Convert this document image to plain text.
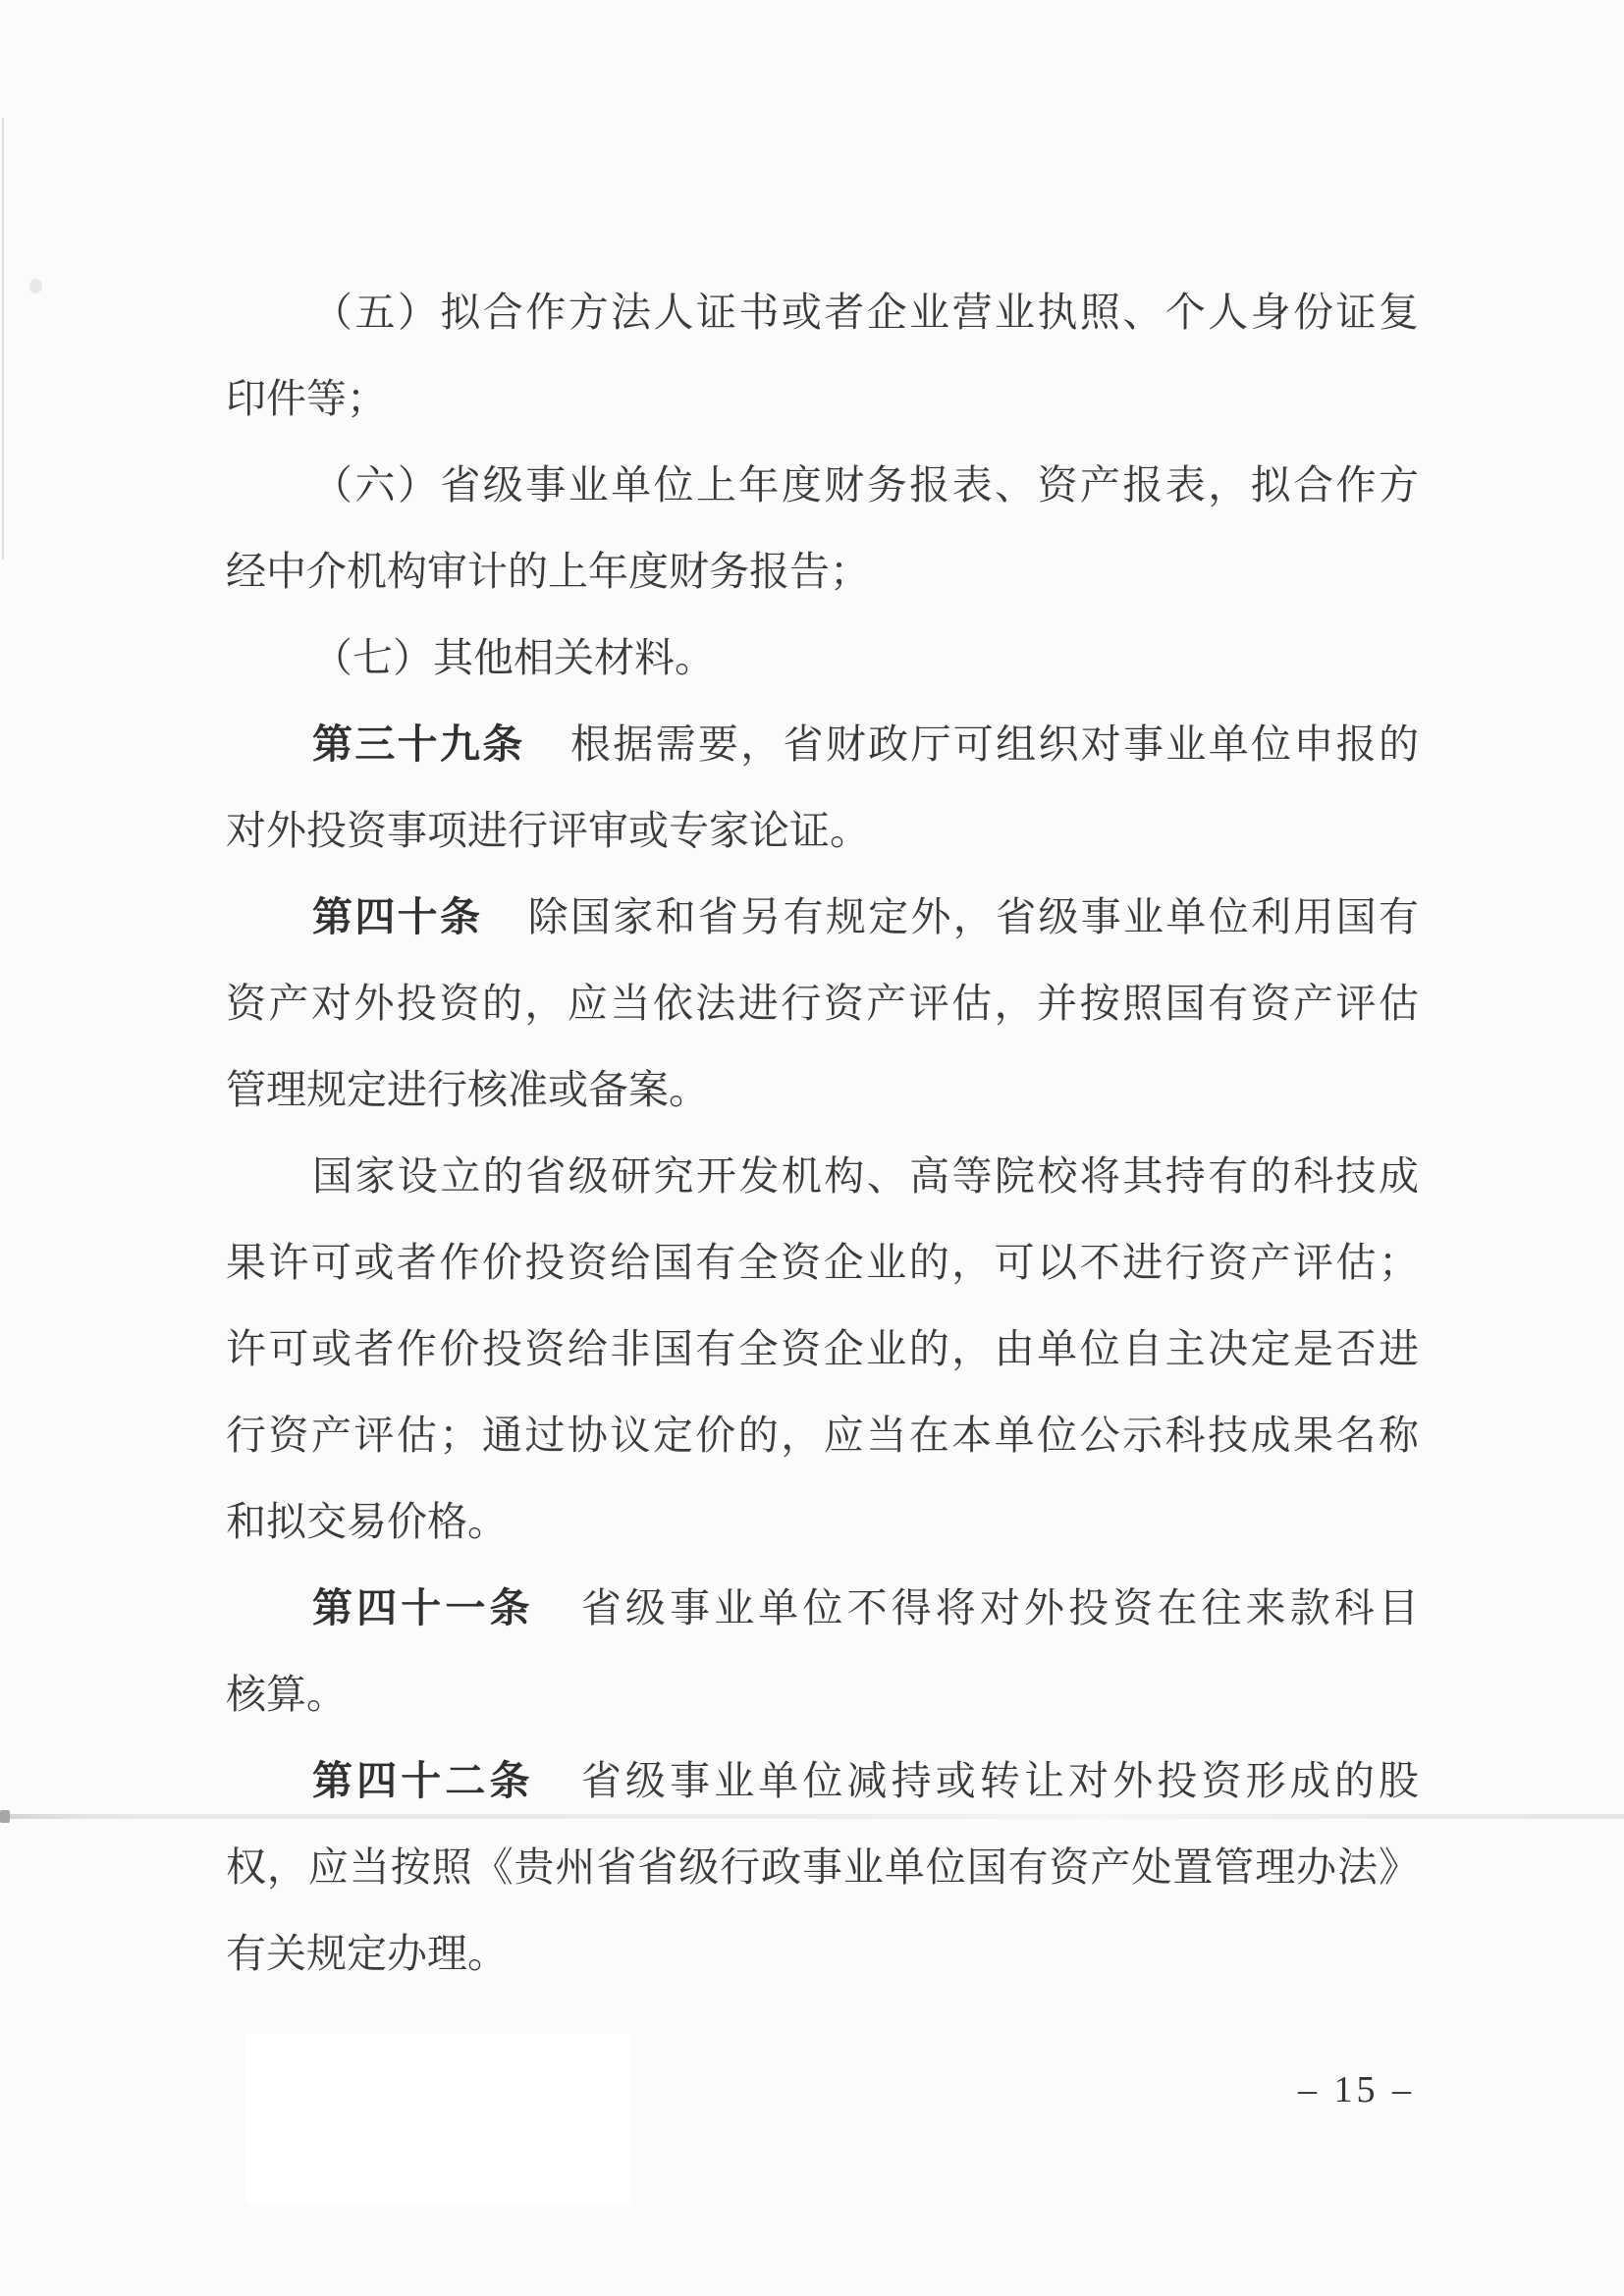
（五）拟合作方法人证书或者企业营业执照、个人身份证复
印件等；
（六）省级事业单位上年度财务报表、资产报表，拟合作方
经中介机构审计的上年度财务报告；
（七）其他相关材料。
第三十九条 根据需要，省财政厅可组织对事业单位申报的
对外投资事项进行评审或专家论证。
第四十条 除国家和省另有规定外，省级事业单位利用国有
资产对外投资的，应当依法进行资产评估，并按照国有资产评估
管理规定进行核准或备案。
国家设立的省级研究开发机构、高等院校将其持有的科技成
果许可或者作价投资给国有全资企业的，可以不进行资产评估；
许可或者作价投资给非国有全资企业的，由单位自主决定是否进
行资产评估；通过协议定价的，应当在本单位公示科技成果名称
和拟交易价格。
第四十一条 省级事业单位不得将对外投资在往来款科目
核算。
第四十二条 省级事业单位减持或转让对外投资形成的股
权，应当按照《贵州省省级行政事业单位国有资产处置管理办法》
有关规定办理。
– 15 –
